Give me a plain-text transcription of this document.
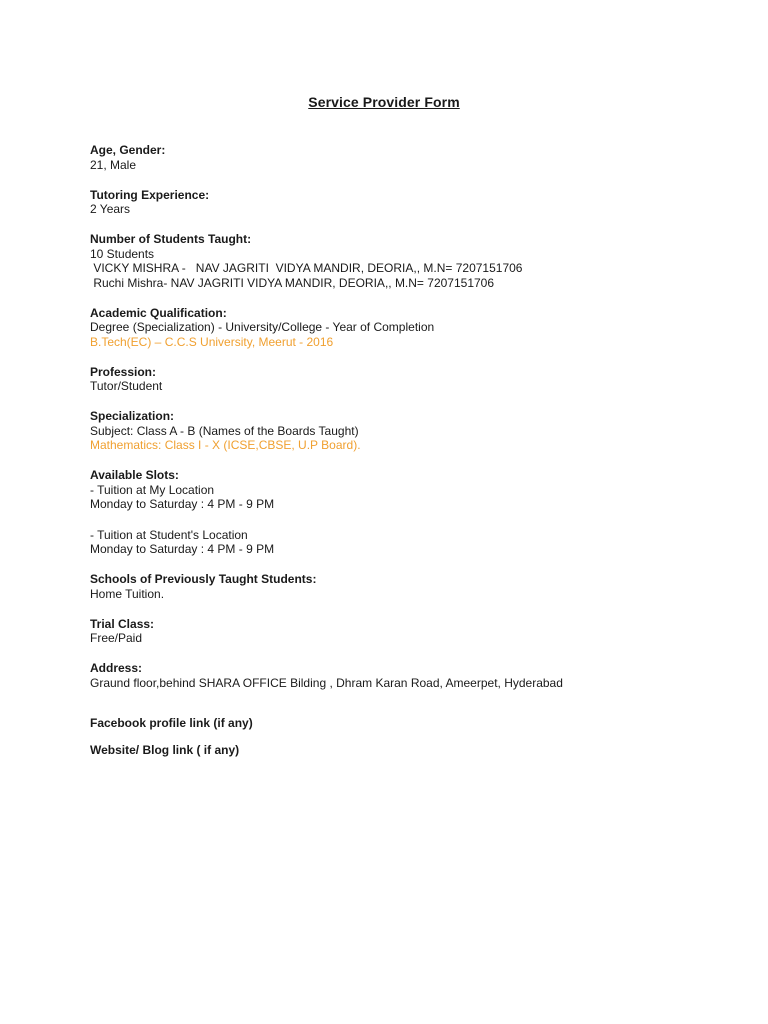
Service Provider Form
Age, Gender:
21, Male
Tutoring Experience:
2 Years
Number of Students Taught:
10 Students
VICKY MISHRA -   NAV JAGRITI  VIDYA MANDIR, DEORIA,, M.N= 7207151706
Ruchi Mishra- NAV JAGRITI VIDYA MANDIR, DEORIA,, M.N= 7207151706
Academic Qualification:
Degree (Specialization) - University/College - Year of Completion
B.Tech(EC) – C.C.S University, Meerut - 2016
Profession:
Tutor/Student
Specialization:
Subject: Class A - B (Names of the Boards Taught)
Mathematics: Class I - X (ICSE,CBSE, U.P Board).
Available Slots:
- Tuition at My Location
Monday to Saturday : 4 PM - 9 PM
- Tuition at Student's Location
Monday to Saturday : 4 PM - 9 PM
Schools of Previously Taught Students:
Home Tuition.
Trial Class:
Free/Paid
Address:
Graund floor,behind SHARA OFFICE Bilding , Dhram Karan Road, Ameerpet, Hyderabad
Facebook profile link (if any)
Website/ Blog link ( if any)
